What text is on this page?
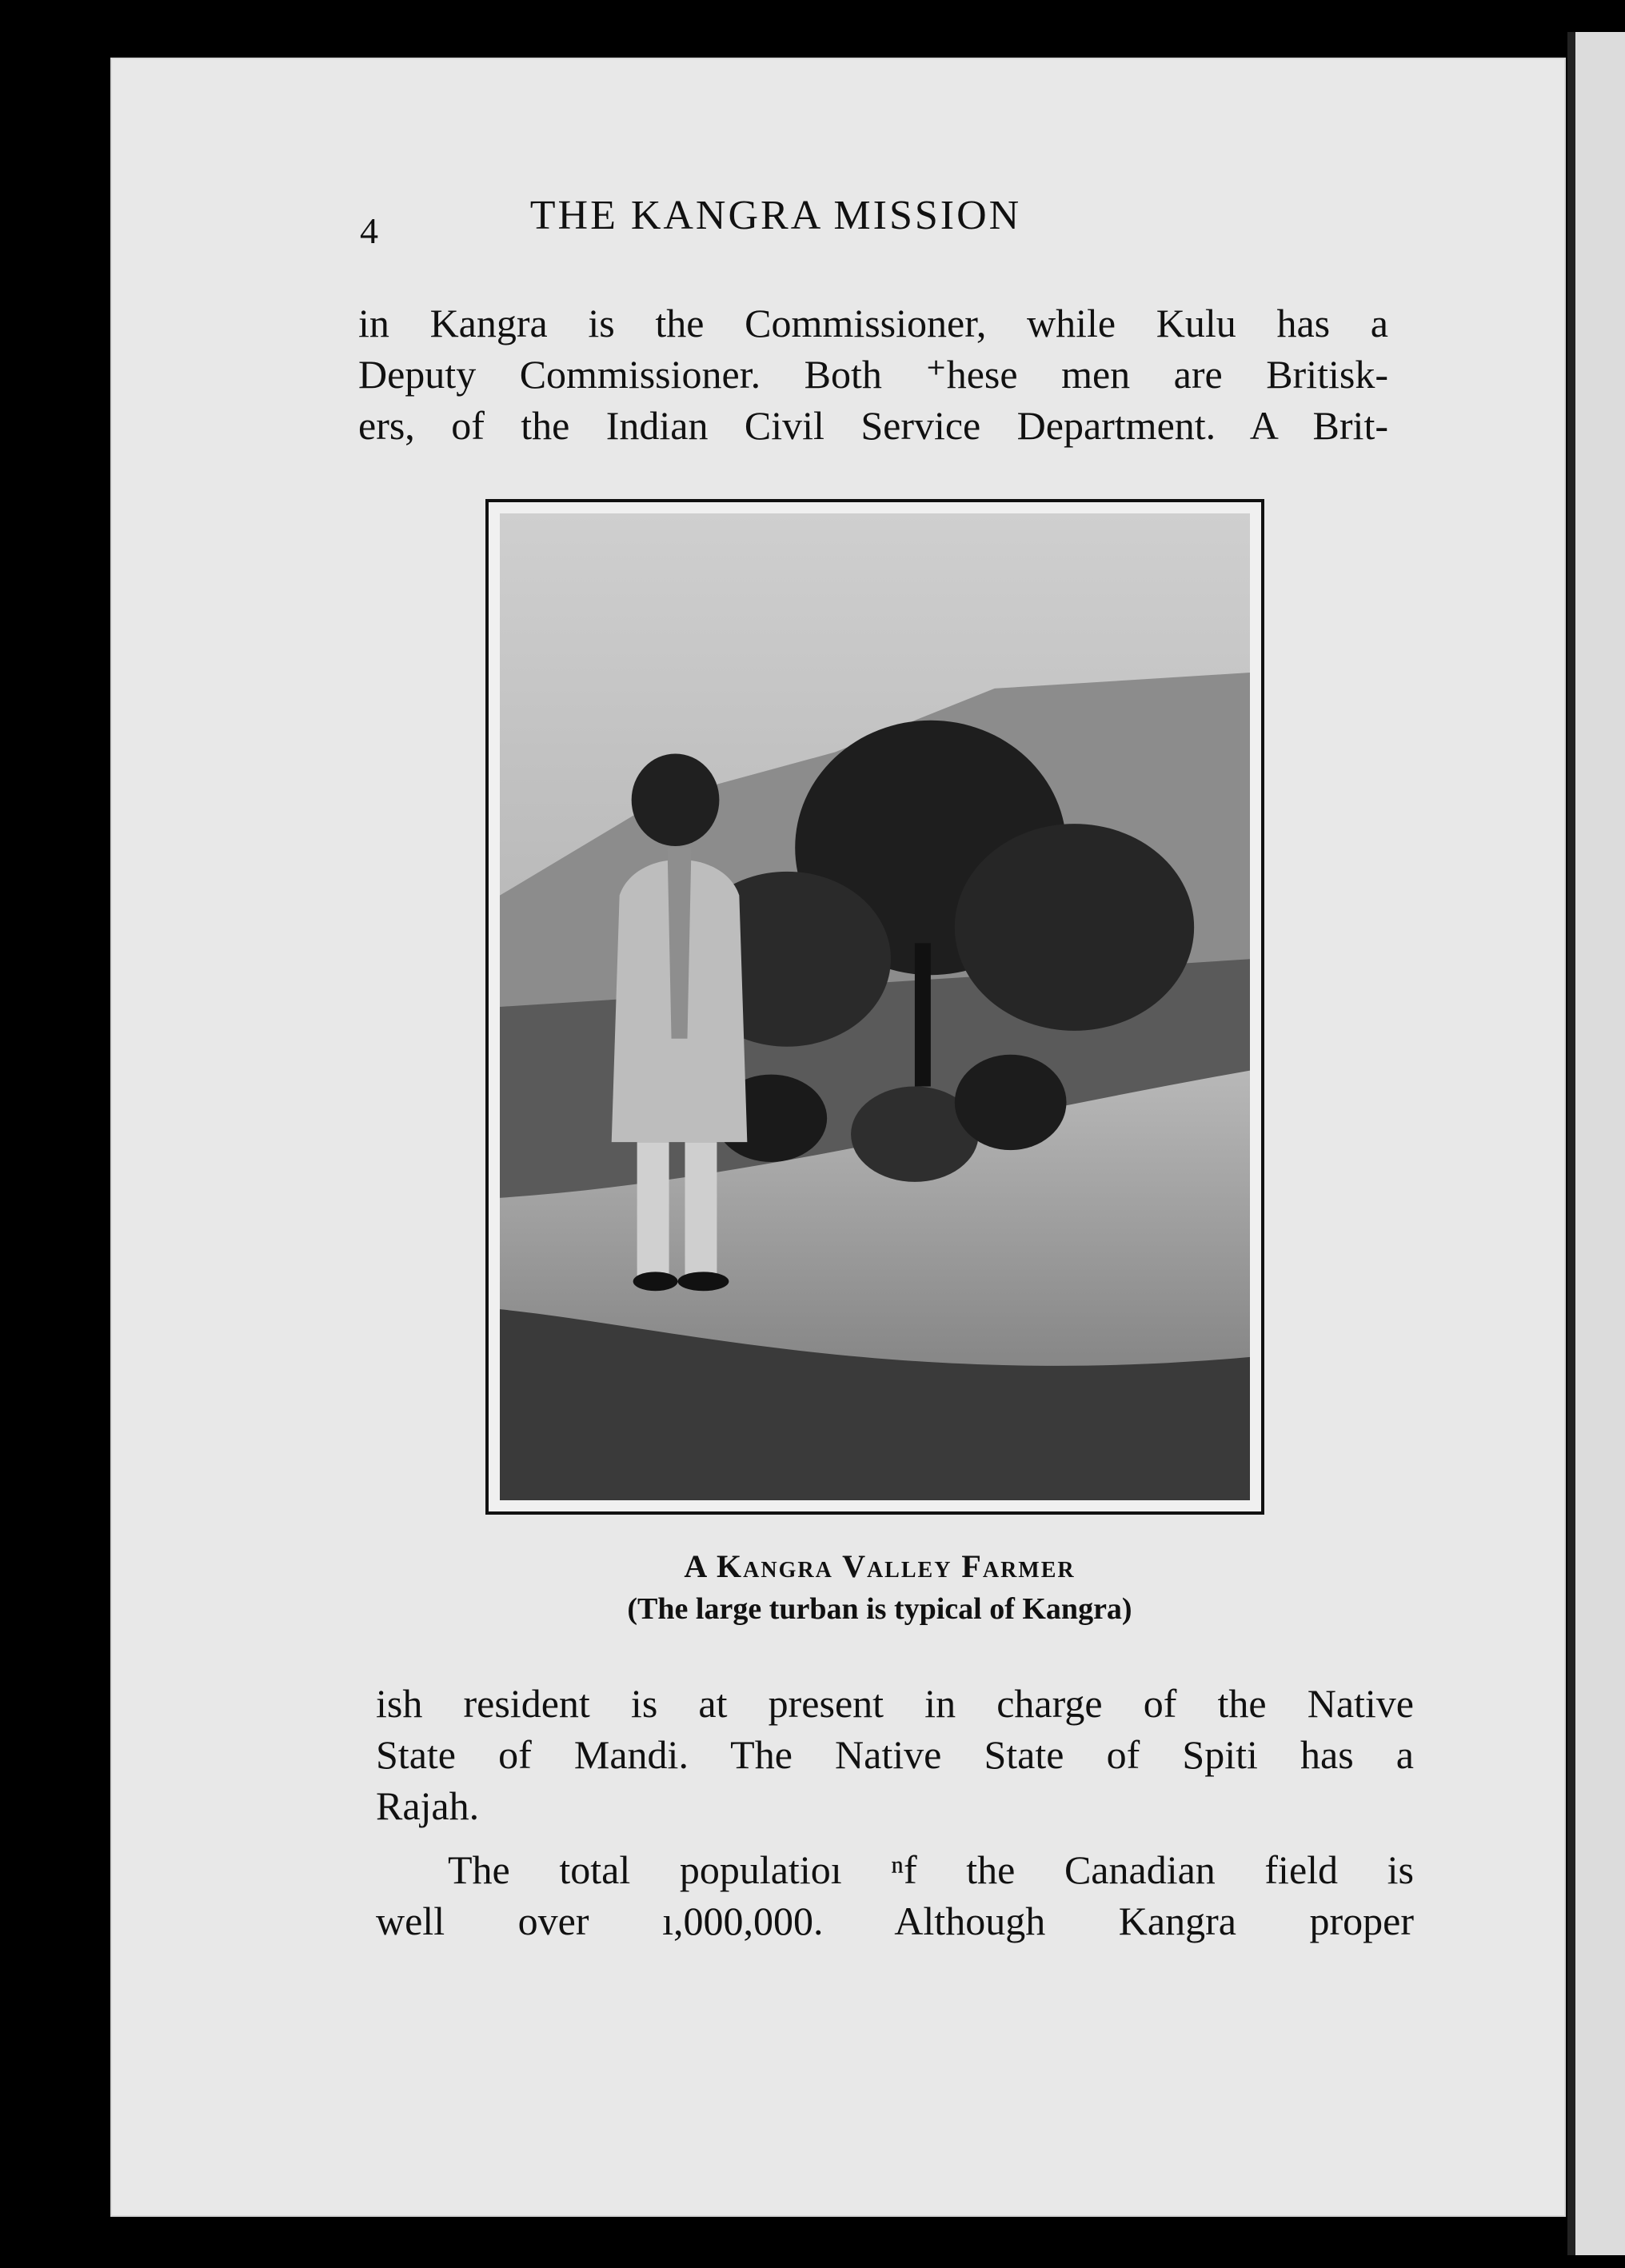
4	THE KANGRA MISSION
in Kangra is the Commissioner, while Kulu has a
Deputy Commissioner. Both ⁺hese men are Britisk-
ers, of the Indian Civil Service Department. A Brit-
A Kangra Valley Farmer
(The large turban is typical of Kangra)
ish resident is at present in charge of the Native
State of Mandi. The Native State of Spiti has a
Rajah.
The total populatioı ⁿf the Canadian field is
well over ı,000,000. Although Kangra proper
